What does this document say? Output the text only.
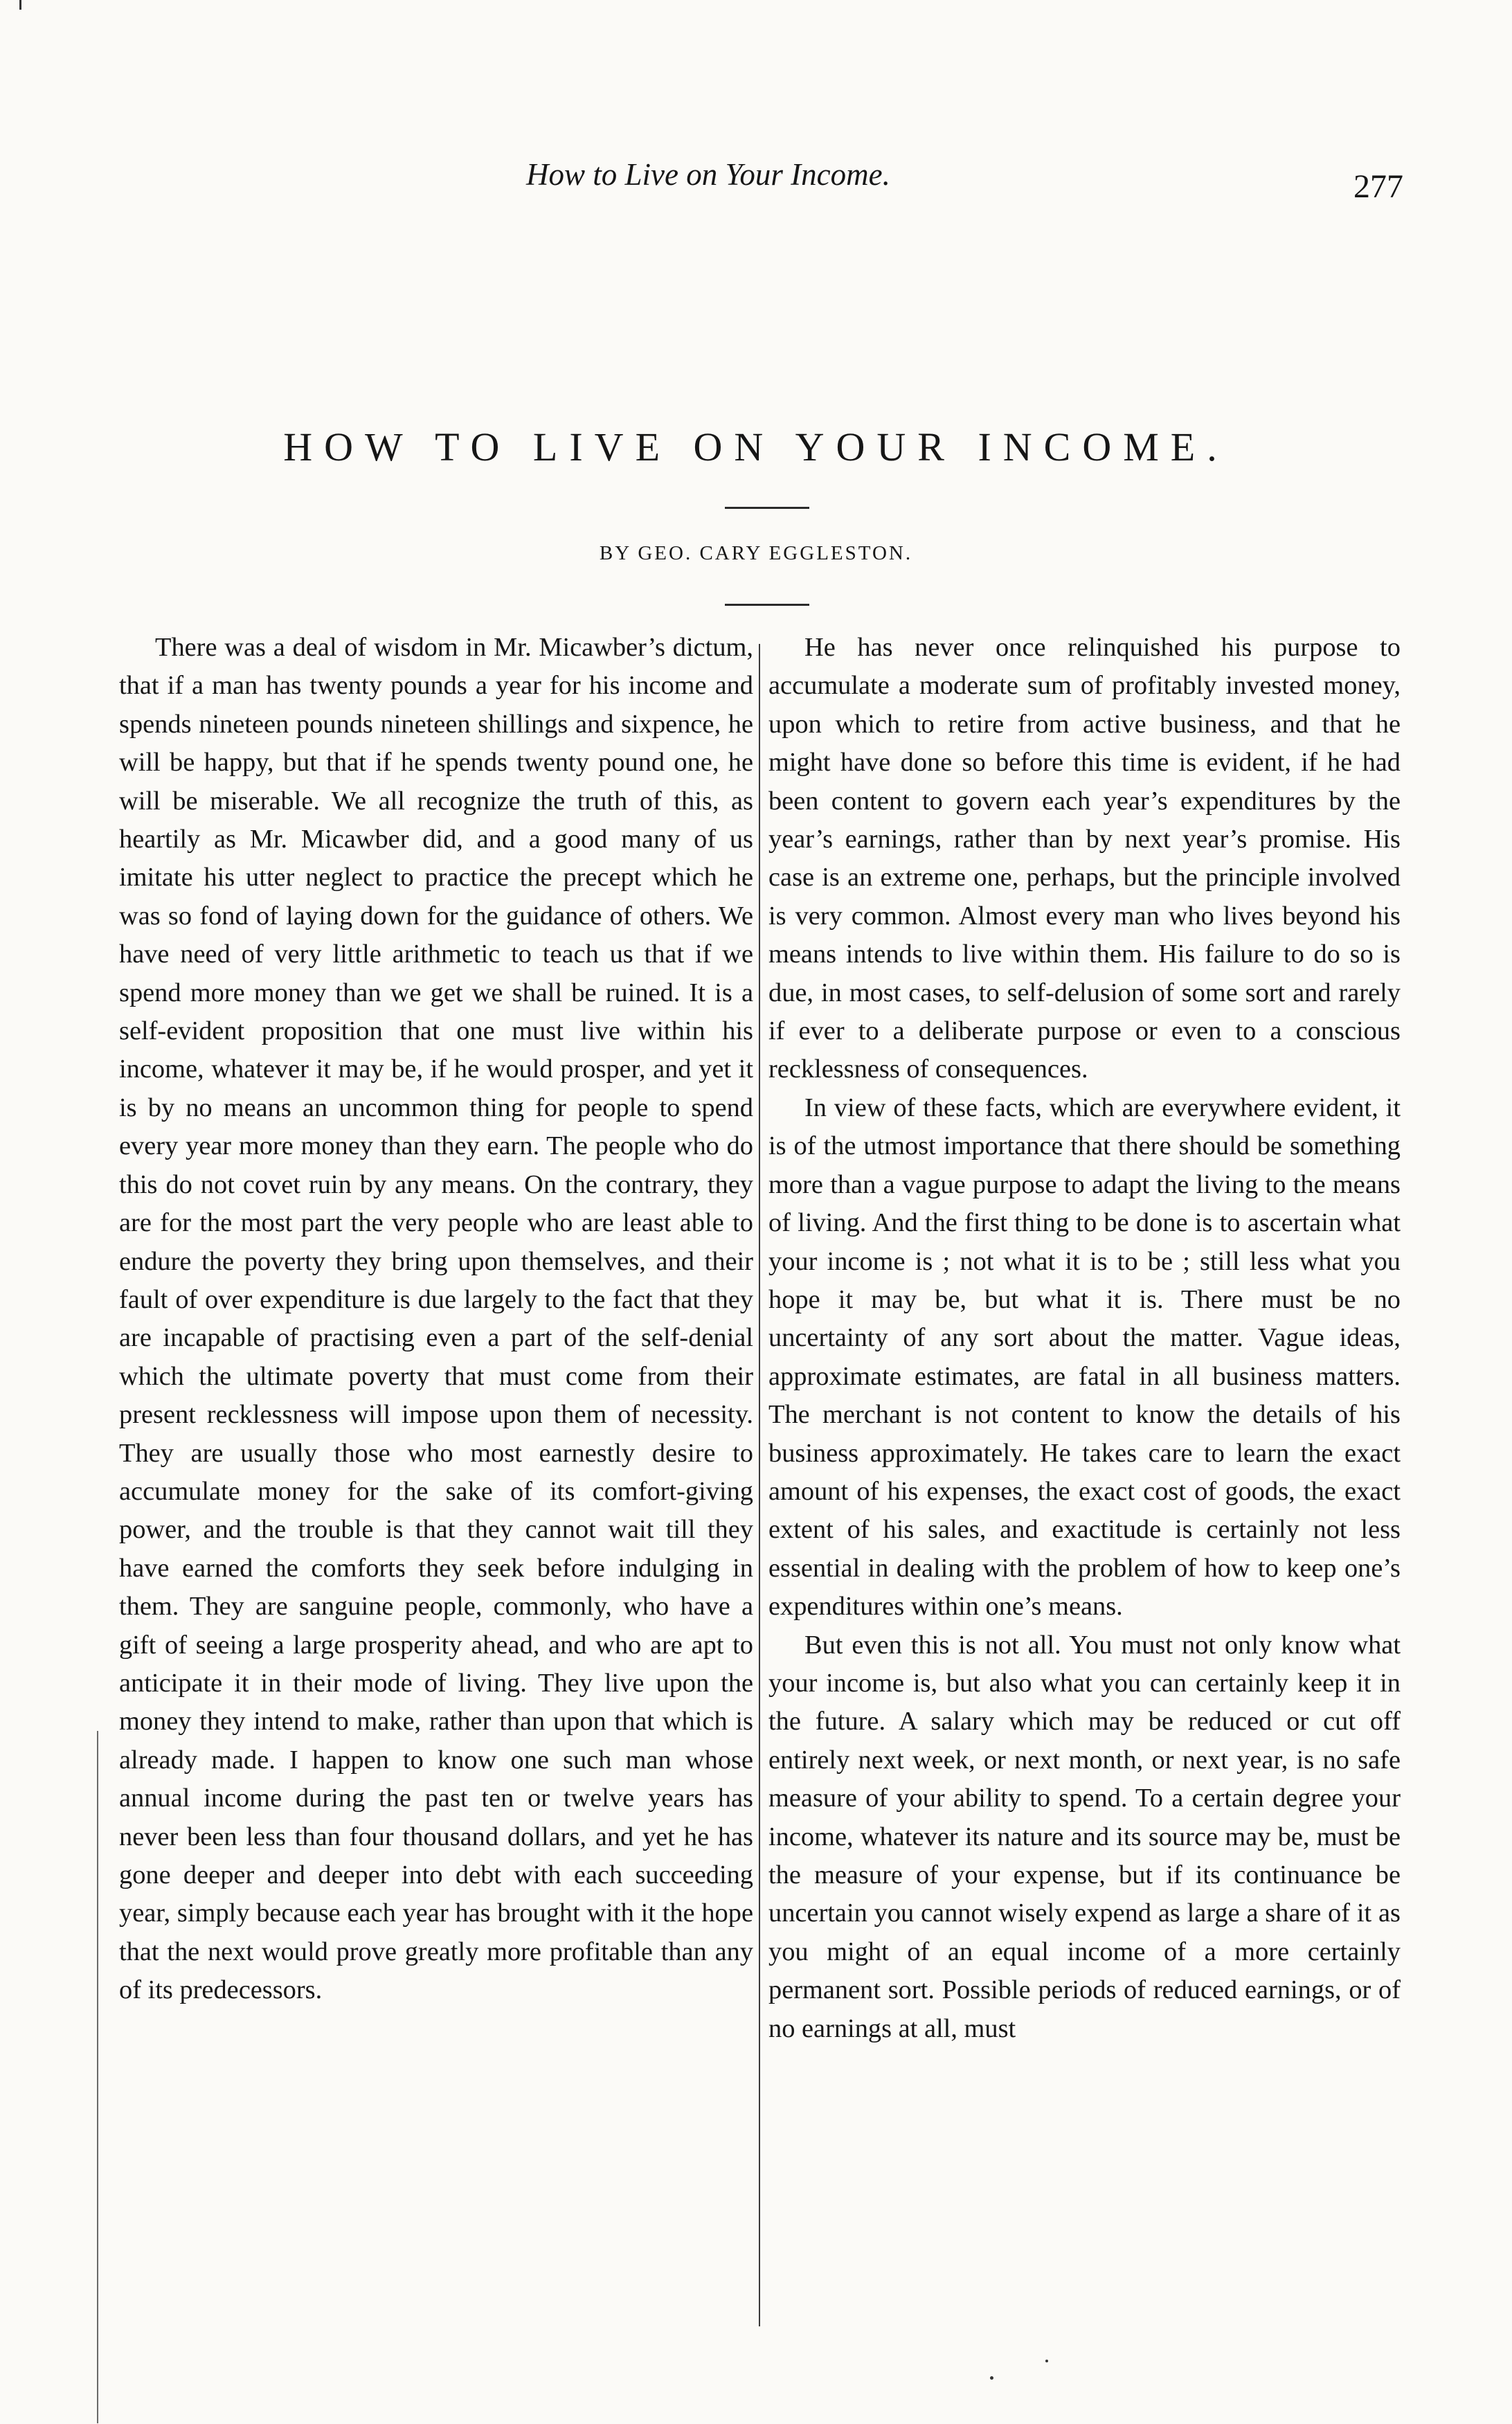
How to Live on Your Income.	277
HOW TO LIVE ON YOUR INCOME.
BY GEO. CARY EGGLESTON.

There was a deal of wisdom in Mr. Micawber’s dictum, that if a man has twenty pounds a year for his income and spends nineteen pounds nineteen shillings and sixpence, he will be happy, but that if he spends twenty pound one, he will be miserable. We all recognize the truth of this, as heartily as Mr. Micawber did, and a good many of us imitate his utter neglect to practice the precept which he was so fond of laying down for the guidance of others. We have need of very little arithmetic to teach us that if we spend more money than we get we shall be ruined. It is a self-evident proposition that one must live within his income, whatever it may be, if he would prosper, and yet it is by no means an uncommon thing for people to spend every year more money than they earn. The people who do this do not covet ruin by any means. On the contrary, they are for the most part the very people who are least able to endure the poverty they bring upon themselves, and their fault of over expenditure is due largely to the fact that they are incapable of practising even a part of the self-denial which the ultimate poverty that must come from their present recklessness will impose upon them of necessity. They are usually those who most earnestly desire to accumulate money for the sake of its comfort-giving power, and the trouble is that they cannot wait till they have earned the comforts they seek before indulging in them. They are sanguine people, commonly, who have a gift of seeing a large prosperity ahead, and who are apt to anticipate it in their mode of living. They live upon the money they intend to make, rather than upon that which is already made. I happen to know one such man whose annual income during the past ten or twelve years has never been less than four thousand dollars, and yet he has gone deeper and deeper into debt with each succeeding year, simply because each year has brought with it the hope that the next would prove greatly more profitable than any of its predecessors.

He has never once relinquished his purpose to accumulate a moderate sum of profitably invested money, upon which to retire from active business, and that he might have done so before this time is evident, if he had been content to govern each year’s expenditures by the year’s earnings, rather than by next year’s promise. His case is an extreme one, perhaps, but the principle involved is very common. Almost every man who lives beyond his means intends to live within them. His failure to do so is due, in most cases, to self-delusion of some sort and rarely if ever to a deliberate purpose or even to a conscious recklessness of consequences.

In view of these facts, which are everywhere evident, it is of the utmost importance that there should be something more than a vague purpose to adapt the living to the means of living. And the first thing to be done is to ascertain what your income is ; not what it is to be ; still less what you hope it may be, but what it is. There must be no uncertainty of any sort about the matter. Vague ideas, approximate estimates, are fatal in all business matters. The merchant is not content to know the details of his business approximately. He takes care to learn the exact amount of his expenses, the exact cost of goods, the exact extent of his sales, and exactitude is certainly not less essential in dealing with the problem of how to keep one’s expenditures within one’s means.

But even this is not all. You must not only know what your income is, but also what you can certainly keep it in the future. A salary which may be reduced or cut off entirely next week, or next month, or next year, is no safe measure of your ability to spend. To a certain degree your income, whatever its nature and its source may be, must be the measure of your expense, but if its continuance be uncertain you cannot wisely expend as large a share of it as you might of an equal income of a more certainly permanent sort. Possible periods of reduced earnings, or of no earnings at all, must
